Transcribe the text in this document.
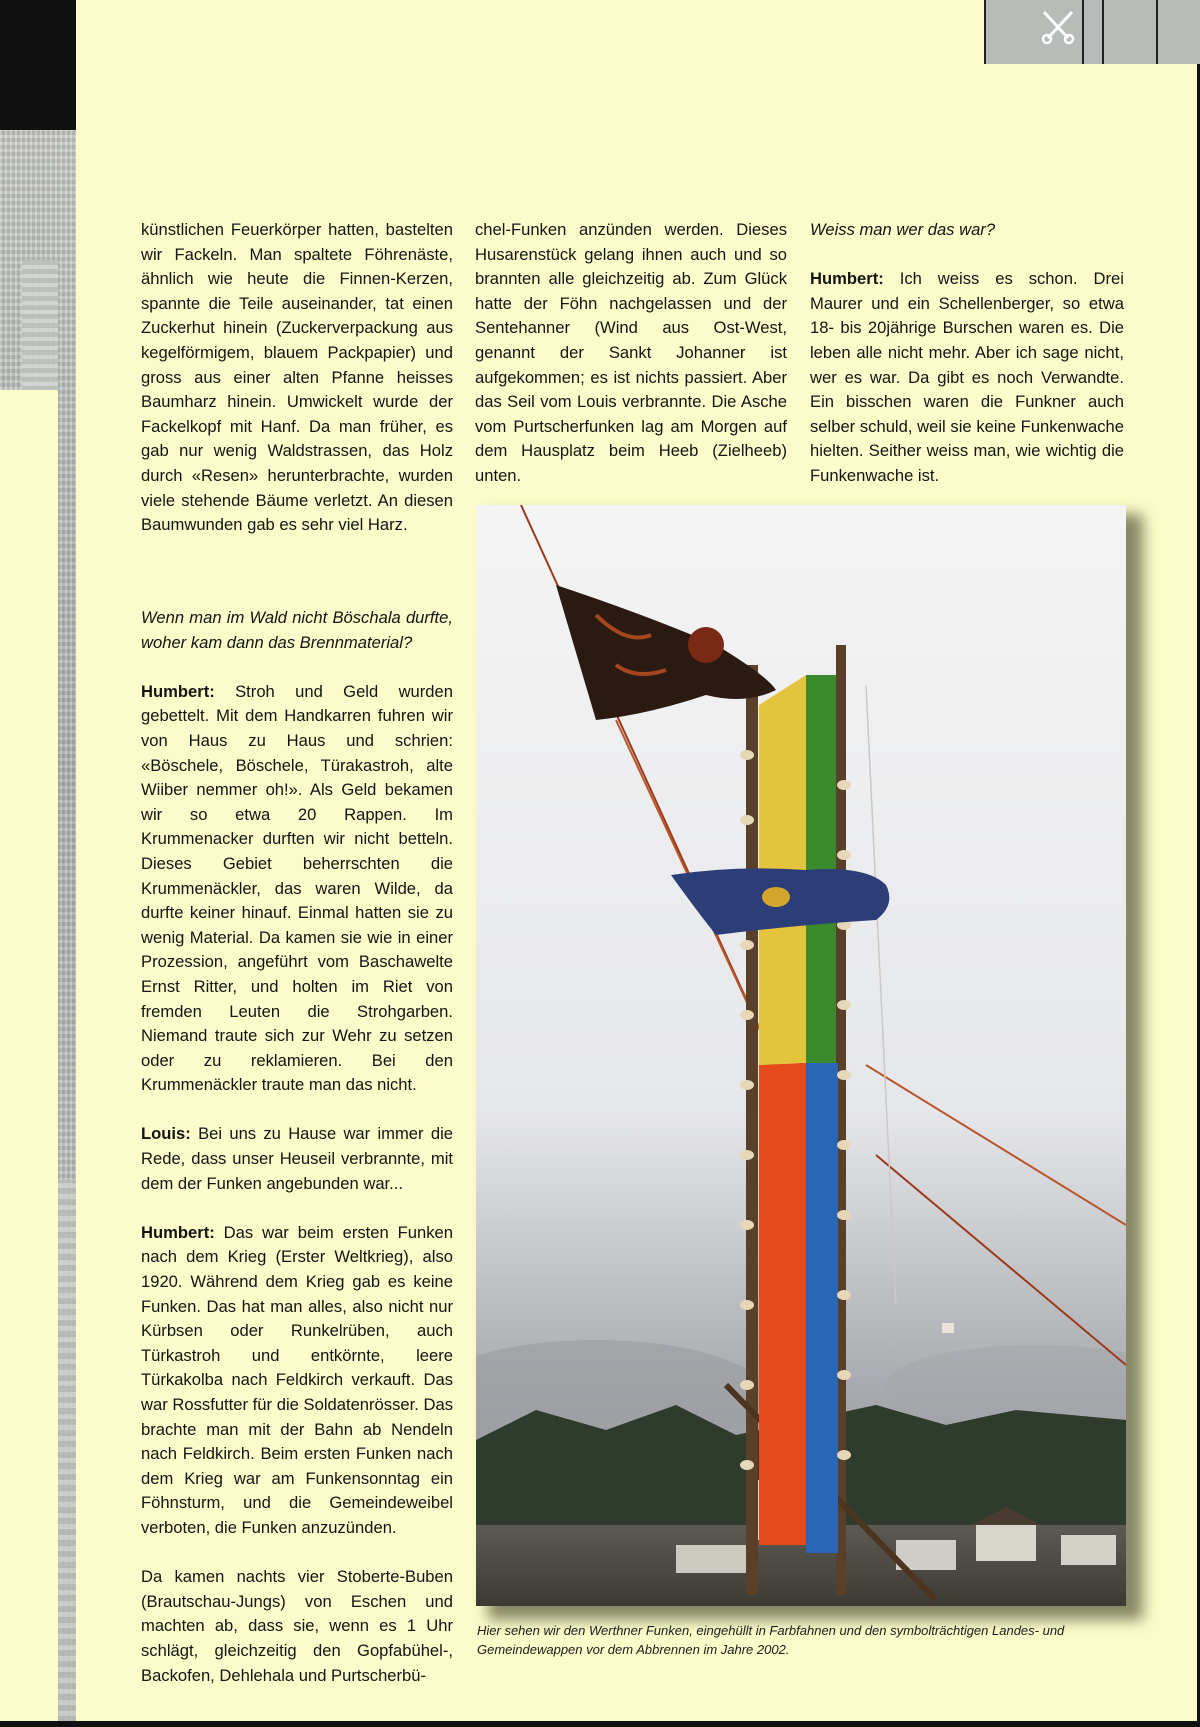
künstlichen Feuerkörper hatten, bastelten wir Fackeln. Man spaltete Föhrenäste, ähnlich wie heute die Finnen-Kerzen, spannte die Teile auseinander, tat einen Zuckerhut hinein (Zuckerverpackung aus kegelförmigem, blauem Packpapier) und gross aus einer alten Pfanne heisses Baumharz hinein. Umwickelt wurde der Fackelkopf mit Hanf. Da man früher, es gab nur wenig Waldstrassen, das Holz durch «Resen» herunterbrachte, wurden viele stehende Bäume verletzt. An diesen Baumwunden gab es sehr viel Harz.

Wenn man im Wald nicht Böschala durfte, woher kam dann das Brennmaterial?

Humbert: Stroh und Geld wurden gebettelt. Mit dem Handkarren fuhren wir von Haus zu Haus und schrien: «Böschele, Böschele, Türakastroh, alte Wiiber nemmer oh!». Als Geld bekamen wir so etwa 20 Rappen. Im Krummenacker durften wir nicht betteln. Dieses Gebiet beherrschten die Krummenäckler, das waren Wilde, da durfte keiner hinauf. Einmal hatten sie zu wenig Material. Da kamen sie wie in einer Prozession, angeführt vom Baschawelte Ernst Ritter, und holten im Riet von fremden Leuten die Strohgarben. Niemand traute sich zur Wehr zu setzen oder zu reklamieren. Bei den Krummenäckler traute man das nicht.

Louis: Bei uns zu Hause war immer die Rede, dass unser Heuseil verbrannte, mit dem der Funken angebunden war...

Humbert: Das war beim ersten Funken nach dem Krieg (Erster Weltkrieg), also 1920. Während dem Krieg gab es keine Funken. Das hat man alles, also nicht nur Kürbsen oder Runkelrüben, auch Türkastroh und entkörnte, leere Türkakolba nach Feldkirch verkauft. Das war Rossfutter für die Soldatenrösser. Das brachte man mit der Bahn ab Nendeln nach Feldkirch. Beim ersten Funken nach dem Krieg war am Funkensonntag ein Föhnsturm, und die Gemeindeweibel verboten, die Funken anzuzünden.

Da kamen nachts vier Stoberte-Buben (Brautschau-Jungs) von Eschen und machten ab, dass sie, wenn es 1 Uhr schlägt, gleichzeitig den Gopfabühel-, Backofen, Dehlehala und Purtscherbü-

chel-Funken anzünden werden. Dieses Husarenstück gelang ihnen auch und so brannten alle gleichzeitig ab. Zum Glück hatte der Föhn nachgelassen und der Sentehanner (Wind aus Ost-West, genannt der Sankt Johanner ist aufgekommen; es ist nichts passiert. Aber das Seil vom Louis verbrannte. Die Asche vom Purtscherfunken lag am Morgen auf dem Hausplatz beim Heeb (Zielheeb) unten.

Weiss man wer das war?

Humbert: Ich weiss es schon. Drei Maurer und ein Schellenberger, so etwa 18- bis 20jährige Burschen waren es. Die leben alle nicht mehr. Aber ich sage nicht, wer es war. Da gibt es noch Verwandte. Ein bisschen waren die Funkner auch selber schuld, weil sie keine Funkenwache hielten. Seither weiss man, wie wichtig die Funkenwache ist.

Hier sehen wir den Werthner Funken, eingehüllt in Farbfahnen und den symbolträchtigen Landes- und Gemeindewappen vor dem Abbrennen im Jahre 2002.
